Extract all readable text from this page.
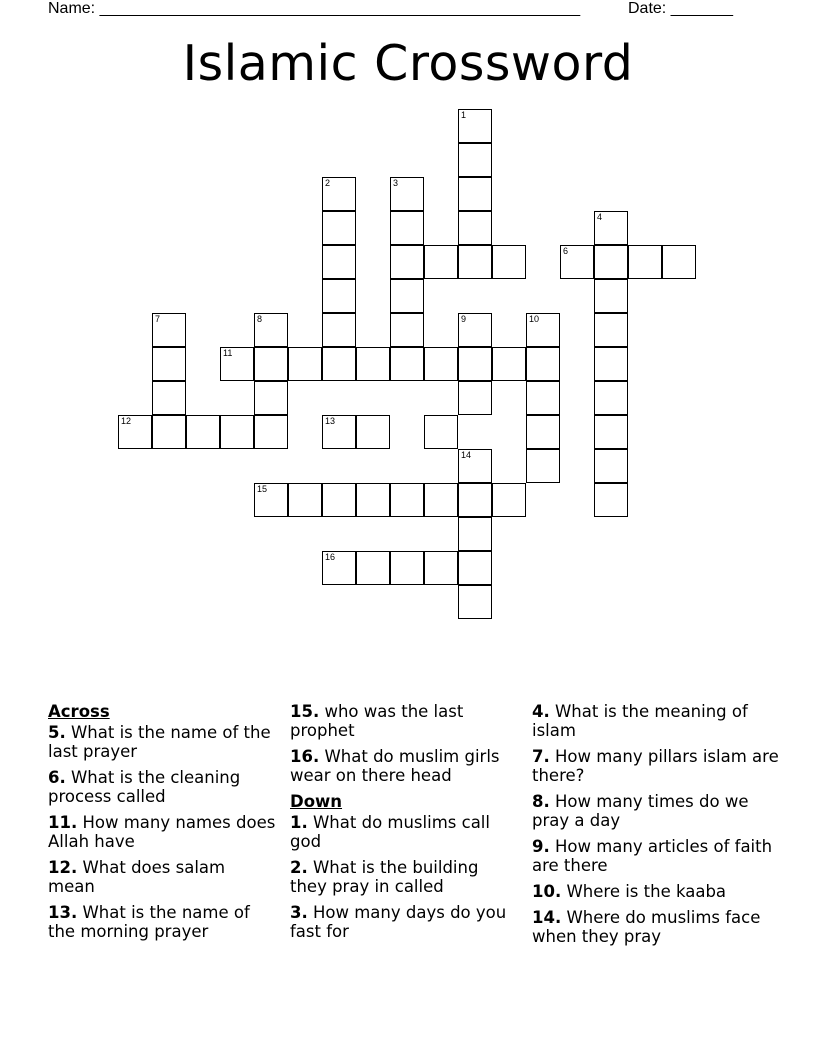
Name: ______________________________________________________	Date: _______
Islamic Crossword
1
2	3
4
6
7	8	9	10
11
12	13
14
15
16
Across
5. What is the name of the last prayer
6. What is the cleaning process called
11. How many names does Allah have
12. What does salam mean
13. What is the name of the morning prayer
15. who was the last prophet
16. What do muslim girls wear on there head
Down
1. What do muslims call god
2. What is the building they pray in called
3. How many days do you fast for
4. What is the meaning of islam
7. How many pillars islam are there?
8. How many times do we pray a day
9. How many articles of faith are there
10. Where is the kaaba
14. Where do muslims face when they pray
